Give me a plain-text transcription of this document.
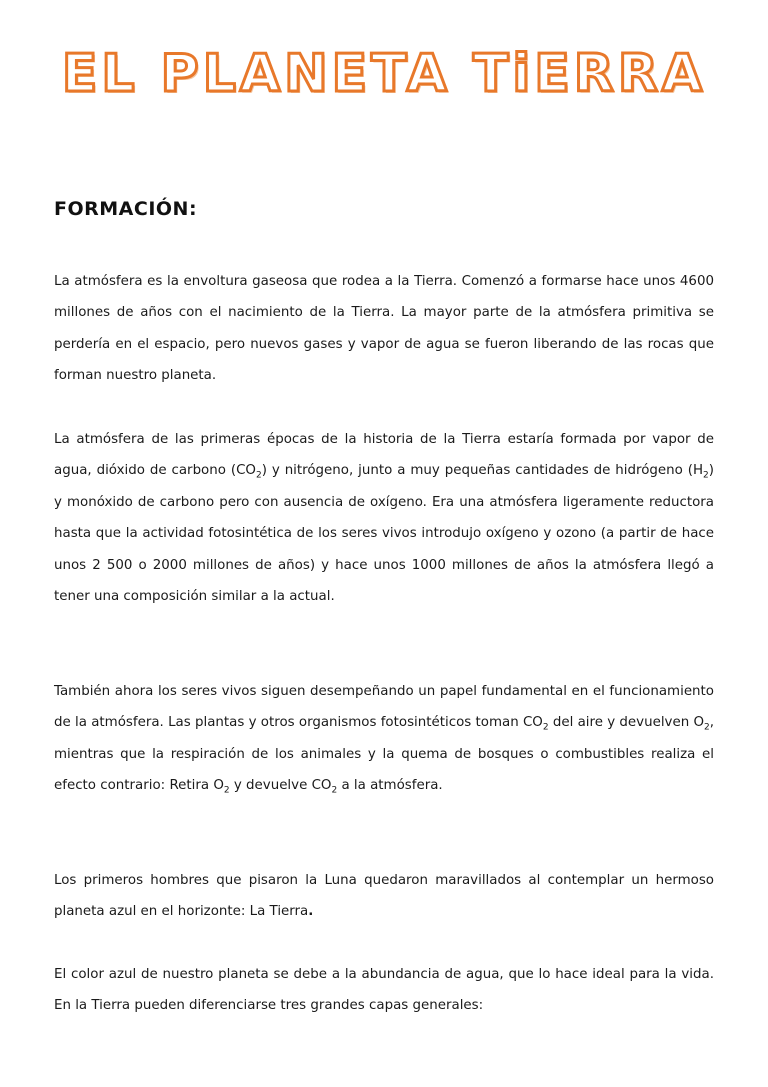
EL PLANETA TiERRA
FORMACIÓN:

La atmósfera es la envoltura gaseosa que rodea a la Tierra. Comenzó a formarse hace unos 4600 millones de años con el nacimiento de la Tierra. La mayor parte de la atmósfera primitiva se perdería en el espacio, pero nuevos gases y vapor de agua se fueron liberando de las rocas que forman nuestro planeta.

La atmósfera de las primeras épocas de la historia de la Tierra estaría formada por vapor de agua, dióxido de carbono $(CO_2)$ y nitrógeno, junto a muy pequeñas cantidades de hidrógeno $(H_2)$ y monóxido de carbono pero con ausencia de oxígeno. Era una atmósfera ligeramente reductora hasta que la actividad fotosintética de los seres vivos introdujo oxígeno y ozono (a partir de hace unos 2 500 o 2000 millones de años) y hace unos 1000 millones de años la atmósfera llegó a tener una composición similar a la actual.

También ahora los seres vivos siguen desempeñando un papel fundamental en el funcionamiento de la atmósfera. Las plantas y otros organismos fotosintéticos toman $CO_2$ del aire y devuelven $O_2$, mientras que la respiración de los animales y la quema de bosques o combustibles realiza el efecto contrario: Retira $O_2$ y devuelve $CO_2$ a la atmósfera.

Los primeros hombres que pisaron la Luna quedaron maravillados al contemplar un hermoso planeta azul en el horizonte: La Tierra.

El color azul de nuestro planeta se debe a la abundancia de agua, que lo hace ideal para la vida. En la Tierra pueden diferenciarse tres grandes capas generales:
